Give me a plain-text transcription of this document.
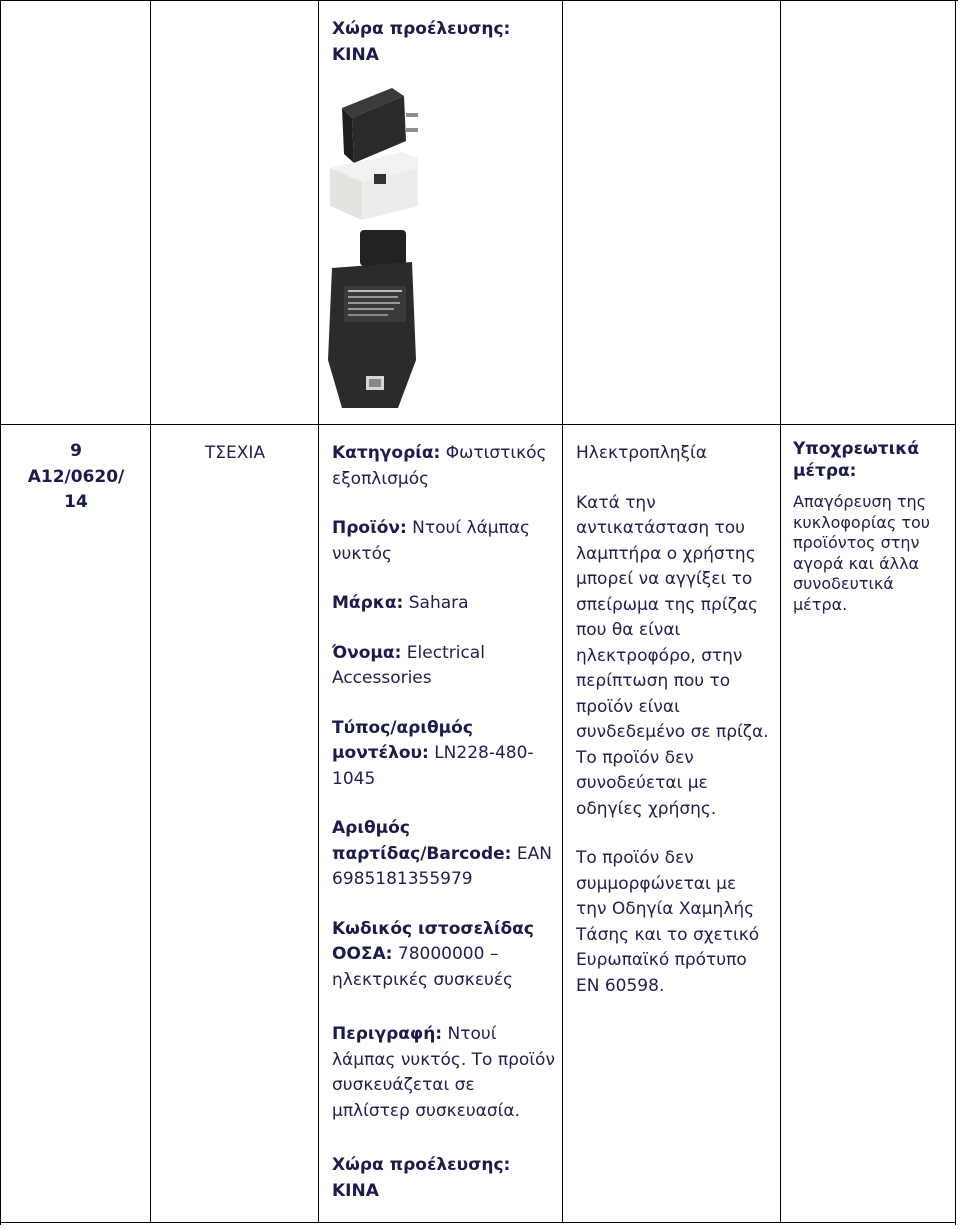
Χώρα προέλευσης:
ΚΙΝΑ
9
A12/0620/
14
ΤΣΕΧΙΑ	Κατηγορία: Φωτιστικός εξοπλισμός

Προϊόν: Ντουί λάμπας νυκτός

Μάρκα: Sahara

Όνομα: Electrical Accessories

Τύπος/αριθμός μοντέλου: LN228-480-1045

Αριθμός παρτίδας/Barcode: EAN 6985181355979

Κωδικός ιστοσελίδας ΟΟΣΑ: 78000000 – ηλεκτρικές συσκευές

Περιγραφή: Ντουί λάμπας νυκτός. Το προϊόν συσκευάζεται σε μπλίστερ συσκευασία.

Χώρα προέλευσης:
ΚΙΝΑ

Ηλεκτροπληξία

Κατά την αντικατάσταση του λαμπτήρα ο χρήστης μπορεί να αγγίξει το σπείρωμα της πρίζας που θα είναι ηλεκτροφόρο, στην περίπτωση που το προϊόν είναι συνδεδεμένο σε πρίζα. Το προϊόν δεν συνοδεύεται με οδηγίες χρήσης.

Το προϊόν δεν συμμορφώνεται με την Οδηγία Χαμηλής Τάσης και το σχετικό Ευρωπαϊκό πρότυπο EN 60598.

Υποχρεωτικά μέτρα:

Απαγόρευση της κυκλοφορίας του προϊόντος στην αγορά και άλλα συνοδευτικά μέτρα.
